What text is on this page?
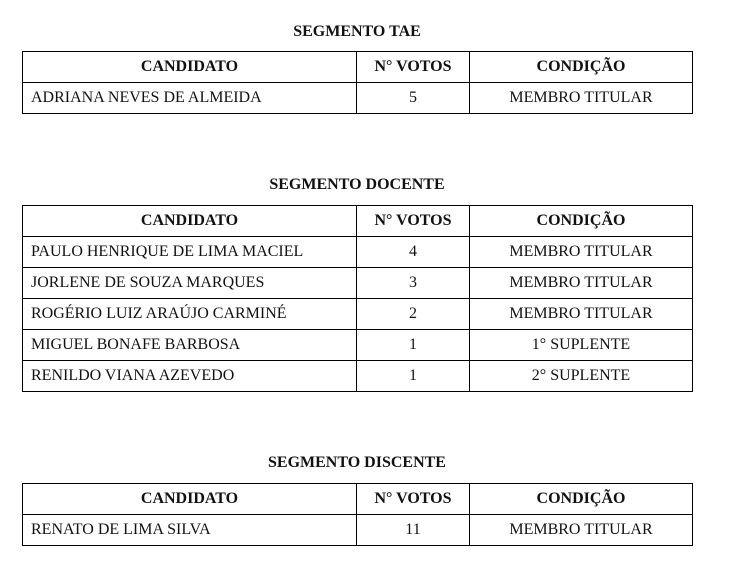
SEGMENTO TAE
CANDIDATO	N° VOTOS	CONDIÇÃO
ADRIANA NEVES DE ALMEIDA	5	MEMBRO TITULAR
SEGMENTO DOCENTE
CANDIDATO	N° VOTOS	CONDIÇÃO
PAULO HENRIQUE DE LIMA MACIEL	4	MEMBRO TITULAR
JORLENE DE SOUZA MARQUES	3	MEMBRO TITULAR
ROGÉRIO LUIZ ARAÚJO CARMINÉ	2	MEMBRO TITULAR
MIGUEL BONAFE BARBOSA	1	1° SUPLENTE
RENILDO VIANA AZEVEDO	1	2° SUPLENTE
SEGMENTO DISCENTE
CANDIDATO	N° VOTOS	CONDIÇÃO
RENATO DE LIMA SILVA	11	MEMBRO TITULAR
